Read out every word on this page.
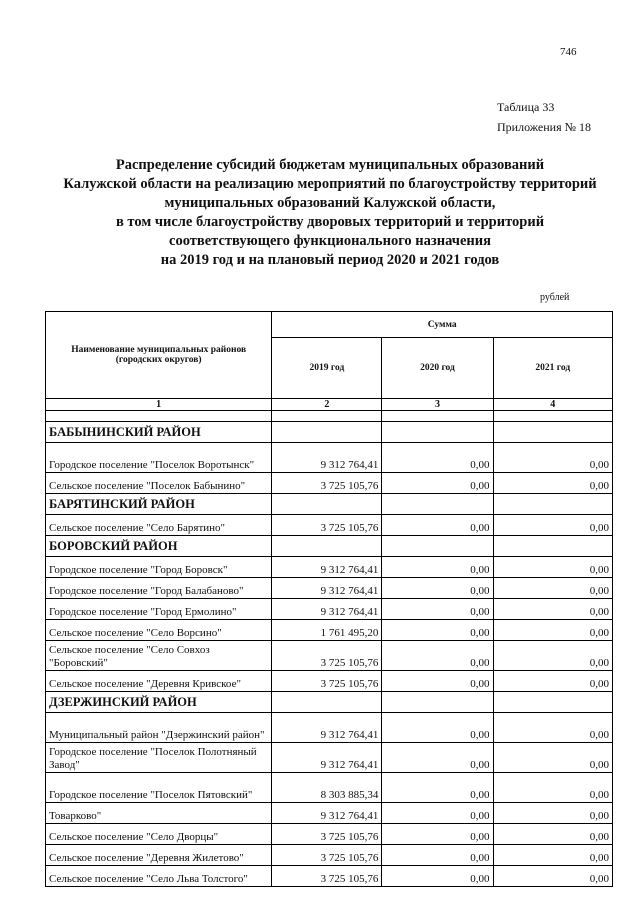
746
Таблица 33
Приложения № 18
Распределение субсидий бюджетам муниципальных образований
Калужской области на реализацию мероприятий по благоустройству территорий
муниципальных образований Калужской области,
в том числе благоустройству дворовых территорий и территорий
соответствующего функционального назначения
на 2019 год и на плановый период 2020 и 2021 годов
рублей
Наименование муниципальных районов (городских округов)	Сумма		
	2019 год	2020 год	2021 год
1	2	3	4

БАБЫНИНСКИЙ РАЙОН			
Городское поселение "Поселок Воротынск"	9 312 764,41	0,00	0,00
Сельское поселение "Поселок Бабынино"	3 725 105,76	0,00	0,00
БАРЯТИНСКИЙ РАЙОН			
Сельское поселение "Село Барятино"	3 725 105,76	0,00	0,00
БОРОВСКИЙ РАЙОН			
Городское поселение "Город Боровск"	9 312 764,41	0,00	0,00
Городское поселение "Город Балабаново"	9 312 764,41	0,00	0,00
Городское поселение "Город Ермолино"	9 312 764,41	0,00	0,00
Сельское поселение "Село Ворсино"	1 761 495,20	0,00	0,00
Сельское поселение "Село Совхоз "Боровский"	3 725 105,76	0,00	0,00
Сельское поселение "Деревня Кривское"	3 725 105,76	0,00	0,00
ДЗЕРЖИНСКИЙ РАЙОН			
Муниципальный район "Дзержинский район"	9 312 764,41	0,00	0,00
Городское поселение "Поселок Полотняный Завод"	9 312 764,41	0,00	0,00
Городское поселение "Поселок Пятовский"	8 303 885,34	0,00	0,00
Товарково"	9 312 764,41	0,00	0,00
Сельское поселение "Село Дворцы"	3 725 105,76	0,00	0,00
Сельское поселение "Деревня Жилетово"	3 725 105,76	0,00	0,00
Сельское поселение "Село Льва Толстого"	3 725 105,76	0,00	0,00
